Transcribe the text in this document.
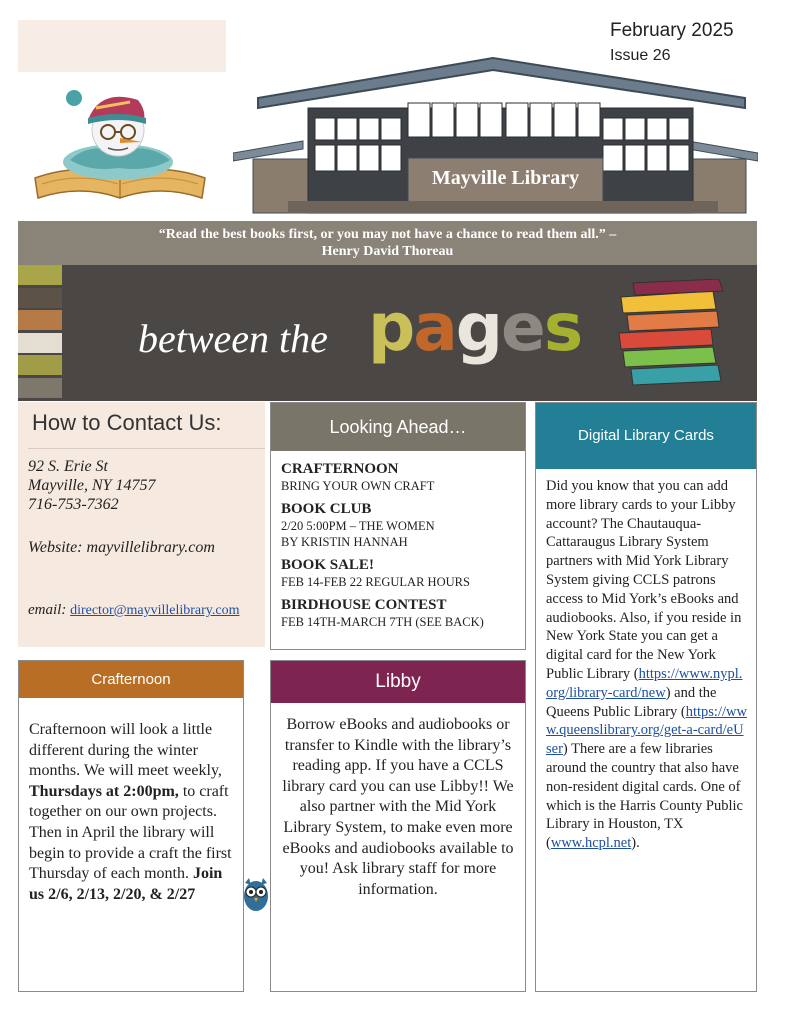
Mayville Library
February 2025
Issue 26
“Read the best books first, or you may not have a chance to read them all.” – Henry David Thoreau
between the pages
How to Contact Us:
92 S. Erie St
Mayville, NY 14757
716-753-7362
Website: mayvillelibrary.com
email: director@mayvillelibrary.com
Looking Ahead…
CRAFTERNOON
BRING YOUR OWN CRAFT
BOOK CLUB
2/20 5:00PM – THE WOMEN
BY KRISTIN HANNAH
BOOK SALE!
FEB 14-FEB 22 REGULAR HOURS
BIRDHOUSE CONTEST
FEB 14TH-MARCH 7TH (SEE BACK)
Digital Library Cards
Did you know that you can add more library cards to your Libby account? The Chautauqua-Cattaraugus Library System partners with Mid York Library System giving CCLS patrons access to Mid York’s eBooks and audiobooks. Also, if you reside in New York State you can get a digital card for the New York Public Library (https://www.nypl.org/library-card/new) and the Queens Public Library (https://www.queenslibrary.org/get-a-card/eUser) There are a few libraries around the country that also have non-resident digital cards. One of which is the Harris County Public Library in Houston, TX (www.hcpl.net).
Crafternoon
Crafternoon will look a little different during the winter months. We will meet weekly, Thursdays at 2:00pm, to craft together on our own projects. Then in April the library will begin to provide a craft the first Thursday of each month. Join us 2/6, 2/13, 2/20, & 2/27
Libby
Borrow eBooks and audiobooks or transfer to Kindle with the library’s reading app. If you have a CCLS library card you can use Libby!! We also partner with the Mid York Library System, to make even more eBooks and audiobooks available to you! Ask library staff for more information.
